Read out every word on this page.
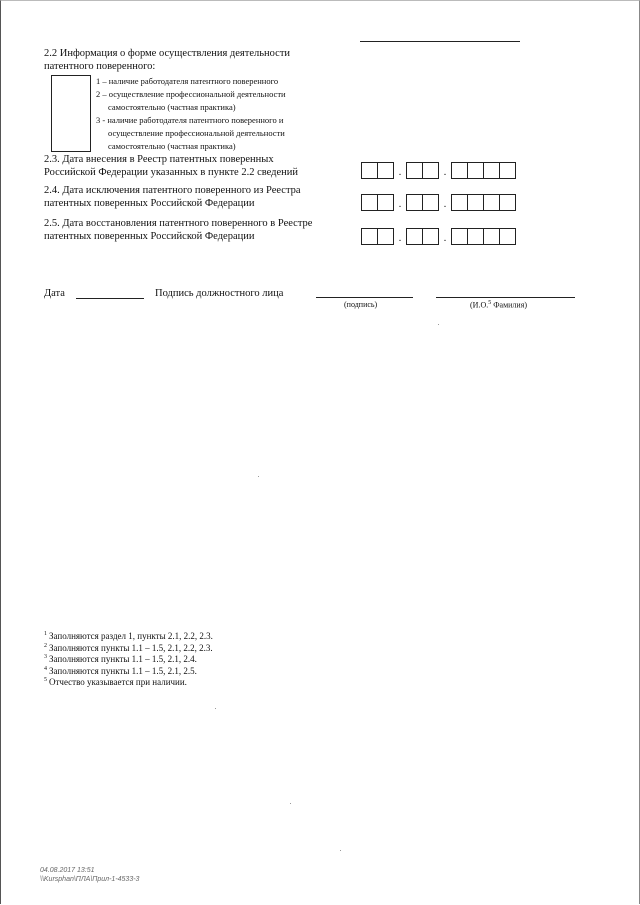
2.2 Информация о форме осуществления деятельности
патентного поверенного:
1 – наличие работодателя патентного поверенного
2 – осуществление профессиональной деятельности
самостоятельно (частная практика)
3 - наличие работодателя патентного поверенного и
осуществление профессиональной деятельности
самостоятельно (частная практика)
2.3. Дата внесения в Реестр патентных поверенных
Российской Федерации указанных в пункте 2.2 сведений	.	.
2.4. Дата исключения патентного поверенного из Реестра
патентных поверенных Российской Федерации	.	.
2.5. Дата восстановления патентного поверенного в Реестре
патентных поверенных Российской Федерации	.	.
Дата	Подпись должностного лица
(подпись)	(И.О.$^5$ Фамилия)
$^1$ Заполняются раздел 1, пункты 2.1, 2.2, 2.3.
$^2$ Заполняются пункты 1.1 – 1.5, 2.1, 2.2, 2.3.
$^3$ Заполняются пункты 1.1 – 1.5, 2.1, 2.4.
$^4$ Заполняются пункты 1.1 – 1.5, 2.1, 2.5.
$^5$ Отчество указывается при наличии.
04.08.2017 13:51
\\Kursphan\ПЛА\Прил-1-4533-3
